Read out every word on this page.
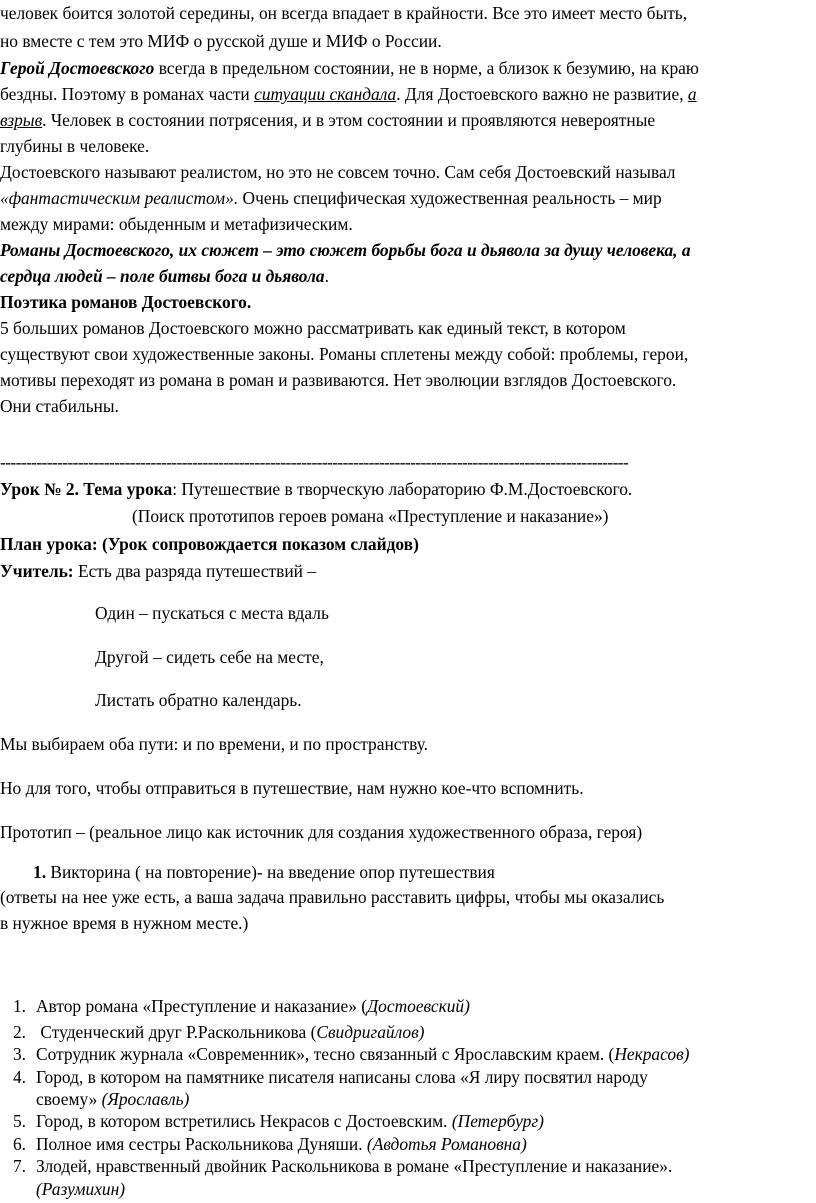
человек боится золотой середины, он всегда впадает в крайности. Все это имеет место быть,
но вместе с тем это МИФ о русской душе и МИФ о России.
Герой Достоевского всегда в предельном состоянии, не в норме, а близок к безумию, на краю
бездны. Поэтому в романах части ситуации скандала. Для Достоевского важно не развитие, а
взрыв. Человек в состоянии потрясения, и в этом состоянии и проявляются невероятные
глубины в человеке.
Достоевского называют реалистом, но это не совсем точно. Сам себя Достоевский называл
«фантастическим реалистом». Очень специфическая художественная реальность – мир
между мирами: обыденным и метафизическим.
Романы Достоевского, их сюжет – это сюжет борьбы бога и дьявола за душу человека, а
сердца людей – поле битвы бога и дьявола.
Поэтика романов Достоевского.
5 больших романов Достоевского можно рассматривать как единый текст, в котором
существуют свои художественные законы. Романы сплетены между собой: проблемы, герои,
мотивы переходят из романа в роман и развиваются. Нет эволюции взглядов Достоевского.
Они стабильны.
-------------------------------------------------------------------------------------------------------------------------
Урок № 2. Тема урока: Путешествие в творческую лабораторию Ф.М.Достоевского.
(Поиск прототипов героев романа «Преступление и наказание»)
План урока: (Урок сопровождается показом слайдов)
Учитель: Есть два разряда путешествий –
Один – пускаться с места вдаль
Другой – сидеть себе на месте,
Листать обратно календарь.
Мы выбираем оба пути: и по времени, и по пространству.
Но для того, чтобы отправиться в путешествие, нам нужно кое-что вспомнить.
Прототип – (реальное лицо как источник для создания художественного образа, героя)
1. Викторина ( на повторение)- на введение опор путешествия
(ответы на нее уже есть, а ваша задача правильно расставить цифры, чтобы мы оказались
в нужное время в нужном месте.)
1. Автор романа «Преступление и наказание» (Достоевский)
2. Студенческий друг Р.Раскольникова (Свидригайлов)
3. Сотрудник журнала «Современник», тесно связанный с Ярославским краем. (Некрасов)
4. Город, в котором на памятнике писателя написаны слова «Я лиру посвятил народу
своему» (Ярославль)
5. Город, в котором встретились Некрасов с Достоевским. (Петербург)
6. Полное имя сестры Раскольникова Дуняши. (Авдотья Романовна)
7. Злодей, нравственный двойник Раскольникова в романе «Преступление и наказание».
(Разумихин)
